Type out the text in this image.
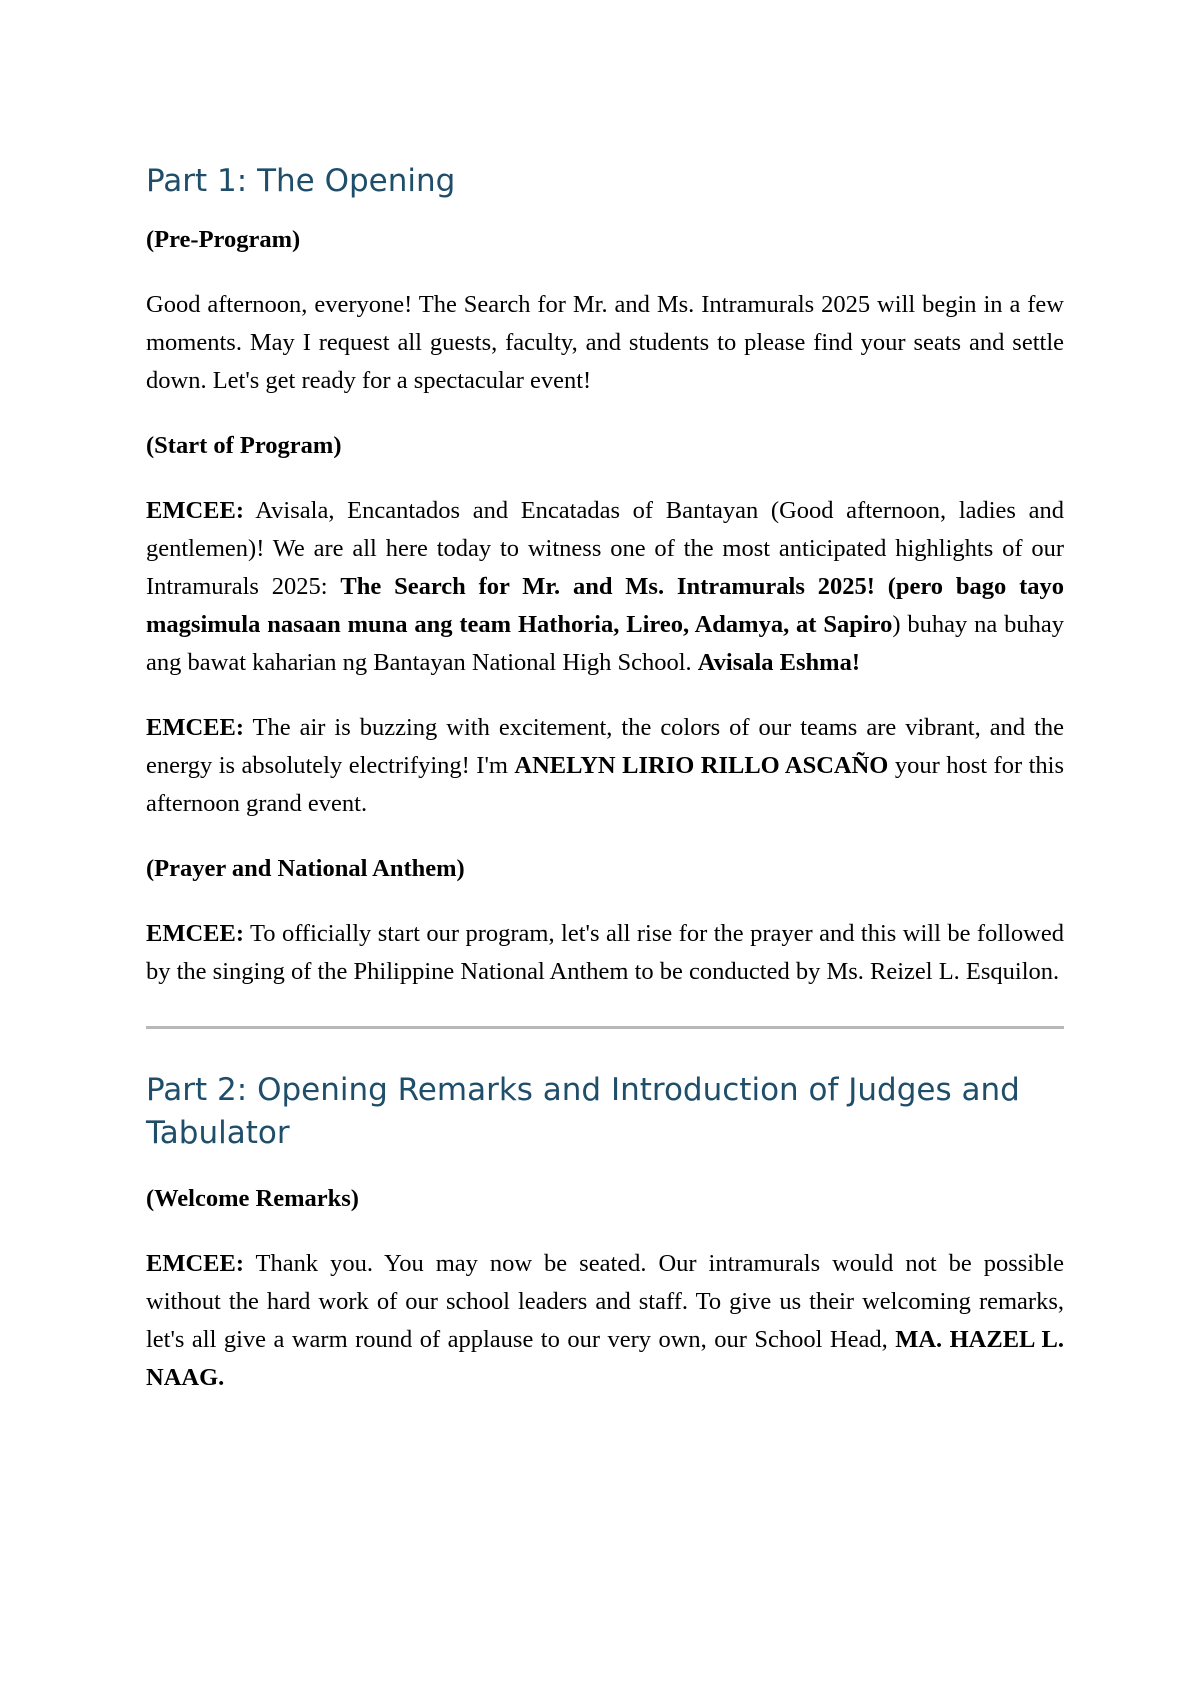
Part 1: The Opening

(Pre-Program)

Good afternoon, everyone! The Search for Mr. and Ms. Intramurals 2025 will begin in a few moments. May I request all guests, faculty, and students to please find your seats and settle down. Let's get ready for a spectacular event!

(Start of Program)

EMCEE: Avisala, Encantados and Encatadas of Bantayan (Good afternoon, ladies and gentlemen)! We are all here today to witness one of the most anticipated highlights of our Intramurals 2025: The Search for Mr. and Ms. Intramurals 2025! (pero bago tayo magsimula nasaan muna ang team Hathoria, Lireo, Adamya, at Sapiro) buhay na buhay ang bawat kaharian ng Bantayan National High School. Avisala Eshma!

EMCEE: The air is buzzing with excitement, the colors of our teams are vibrant, and the energy is absolutely electrifying! I'm ANELYN LIRIO RILLO ASCAÑO your host for this afternoon grand event.

(Prayer and National Anthem)

EMCEE: To officially start our program, let's all rise for the prayer and this will be followed by the singing of the Philippine National Anthem to be conducted by Ms. Reizel L. Esquilon.

Part 2: Opening Remarks and Introduction of Judges and Tabulator

(Welcome Remarks)

EMCEE: Thank you. You may now be seated. Our intramurals would not be possible without the hard work of our school leaders and staff. To give us their welcoming remarks, let's all give a warm round of applause to our very own, our School Head, MA. HAZEL L. NAAG.
